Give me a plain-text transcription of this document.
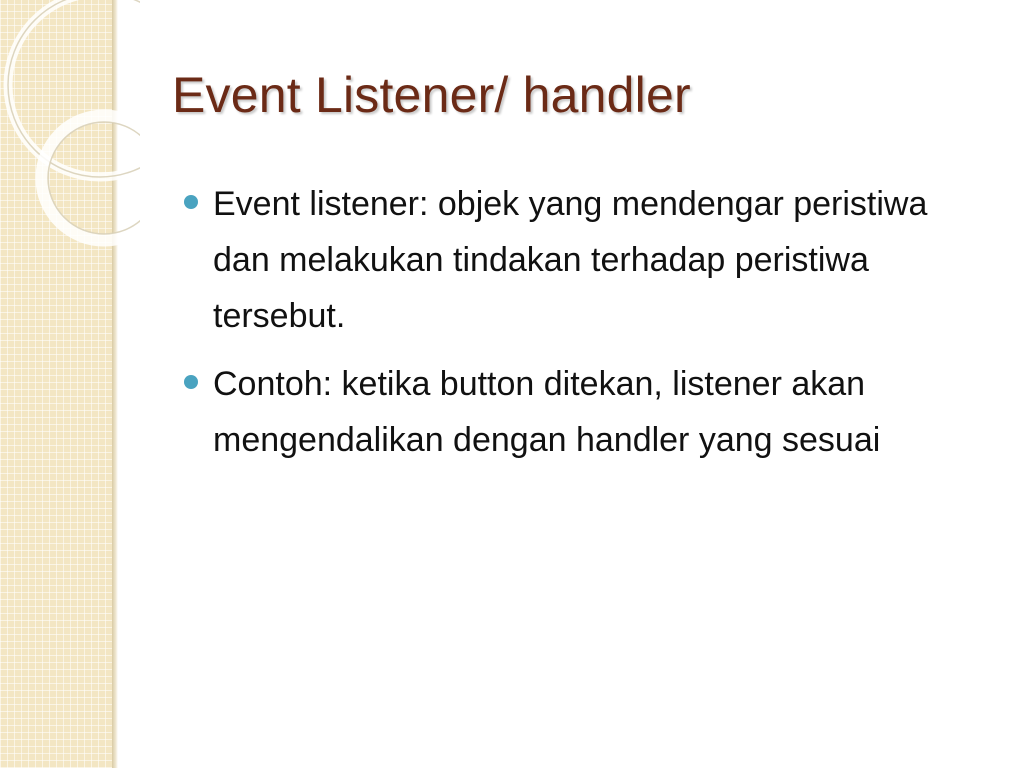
Event Listener/ handler
Event listener: objek yang mendengar peristiwa dan melakukan tindakan terhadap peristiwa tersebut.
Contoh: ketika button ditekan, listener akan mengendalikan dengan handler yang sesuai
